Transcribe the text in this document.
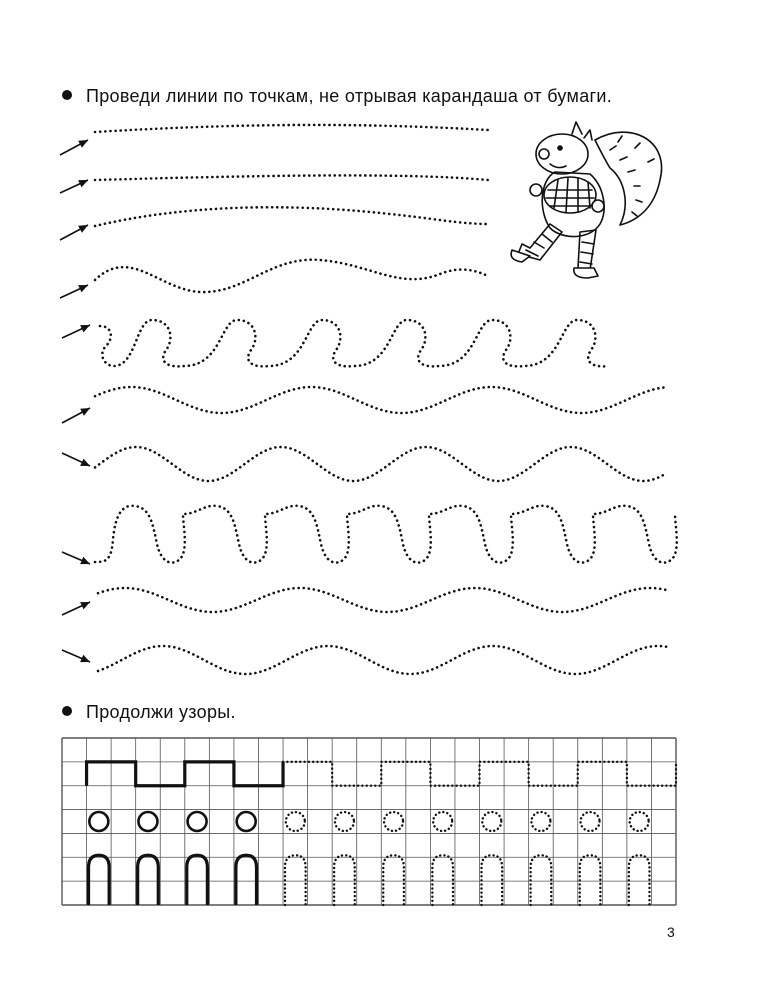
Проведи линии по точкам, не отрывая карандаша от бумаги.
Продолжи узоры.
3
